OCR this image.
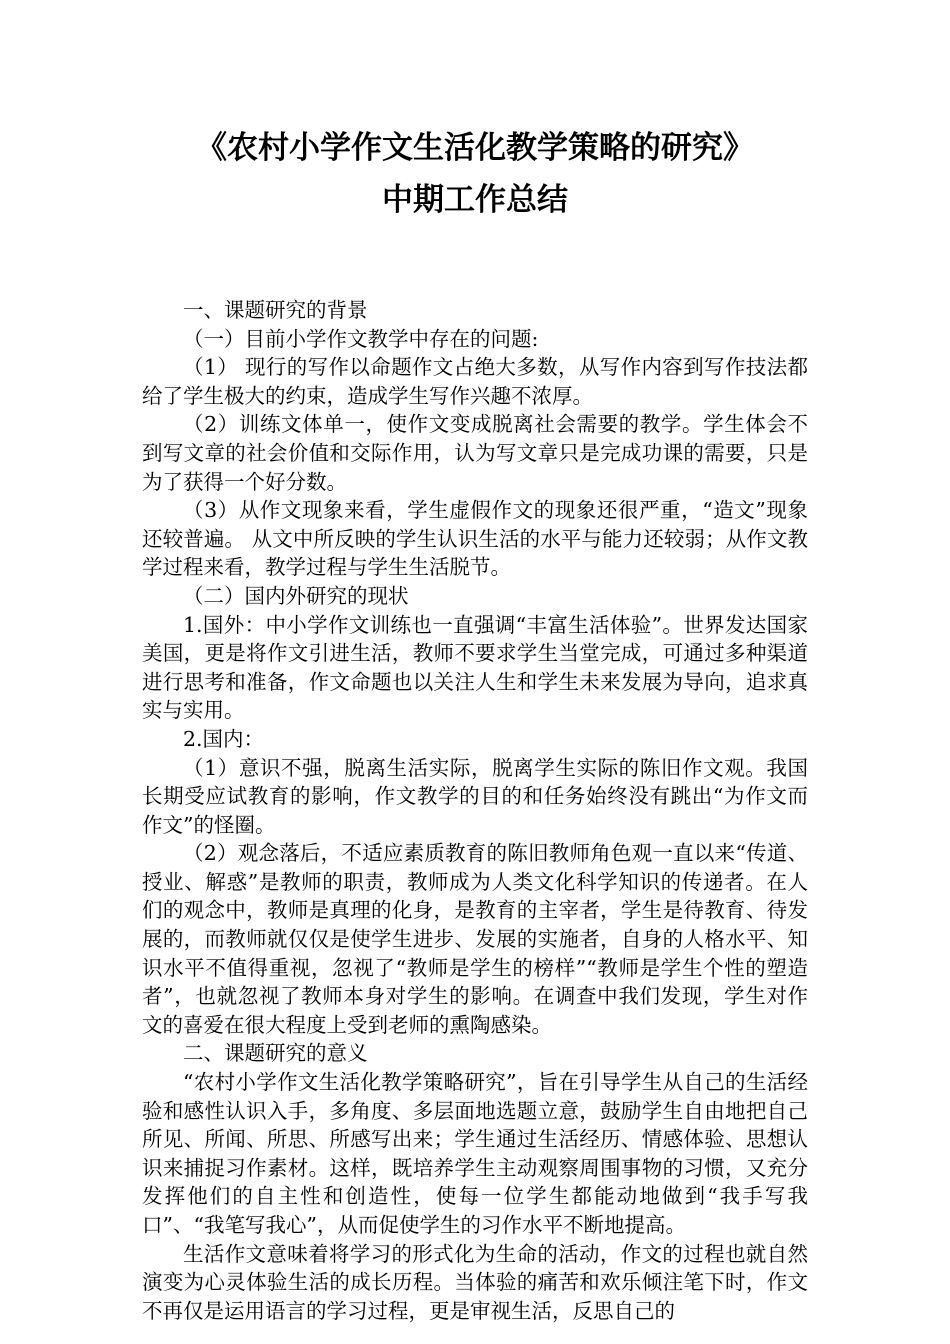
《农村小学作文生活化教学策略的研究》
中期工作总结

一、课题研究的背景

（一）目前小学作文教学中存在的问题:

（1） 现行的写作以命题作文占绝大多数，从写作内容到写作技法都给了学生极大的约束，造成学生写作兴趣不浓厚。

（2）训练文体单一，使作文变成脱离社会需要的教学。学生体会不到写文章的社会价值和交际作用，认为写文章只是完成功课的需要，只是为了获得一个好分数。

（3）从作文现象来看，学生虚假作文的现象还很严重，“造文”现象还较普遍。 从文中所反映的学生认识生活的水平与能力还较弱；从作文教学过程来看，教学过程与学生生活脱节。

（二）国内外研究的现状

1.国外：中小学作文训练也一直强调“丰富生活体验”。世界发达国家美国，更是将作文引进生活，教师不要求学生当堂完成，可通过多种渠道进行思考和准备，作文命题也以关注人生和学生未来发展为导向，追求真实与实用。

2.国内：

（1）意识不强，脱离生活实际，脱离学生实际的陈旧作文观。我国长期受应试教育的影响，作文教学的目的和任务始终没有跳出“为作文而作文”的怪圈。

（2）观念落后，不适应素质教育的陈旧教师角色观一直以来“传道、授业、解惑”是教师的职责，教师成为人类文化科学知识的传递者。在人们的观念中，教师是真理的化身，是教育的主宰者，学生是待教育、待发展的，而教师就仅仅是使学生进步、发展的实施者，自身的人格水平、知识水平不值得重视，忽视了“教师是学生的榜样”“教师是学生个性的塑造者”，也就忽视了教师本身对学生的影响。在调查中我们发现，学生对作文的喜爱在很大程度上受到老师的熏陶感染。

二、课题研究的意义

“农村小学作文生活化教学策略研究”，旨在引导学生从自己的生活经验和感性认识入手，多角度、多层面地选题立意，鼓励学生自由地把自己所见、所闻、所思、所感写出来；学生通过生活经历、情感体验、思想认识来捕捉习作素材。这样，既培养学生主动观察周围事物的习惯，又充分发挥他们的自主性和创造性，使每一位学生都能动地做到“我手写我口”、“我笔写我心”，从而促使学生的习作水平不断地提高。

生活作文意味着将学习的形式化为生命的活动，作文的过程也就自然演变为心灵体验生活的成长历程。当体验的痛苦和欢乐倾注笔下时，作文不再仅是运用语言的学习过程，更是审视生活，反思自己的
